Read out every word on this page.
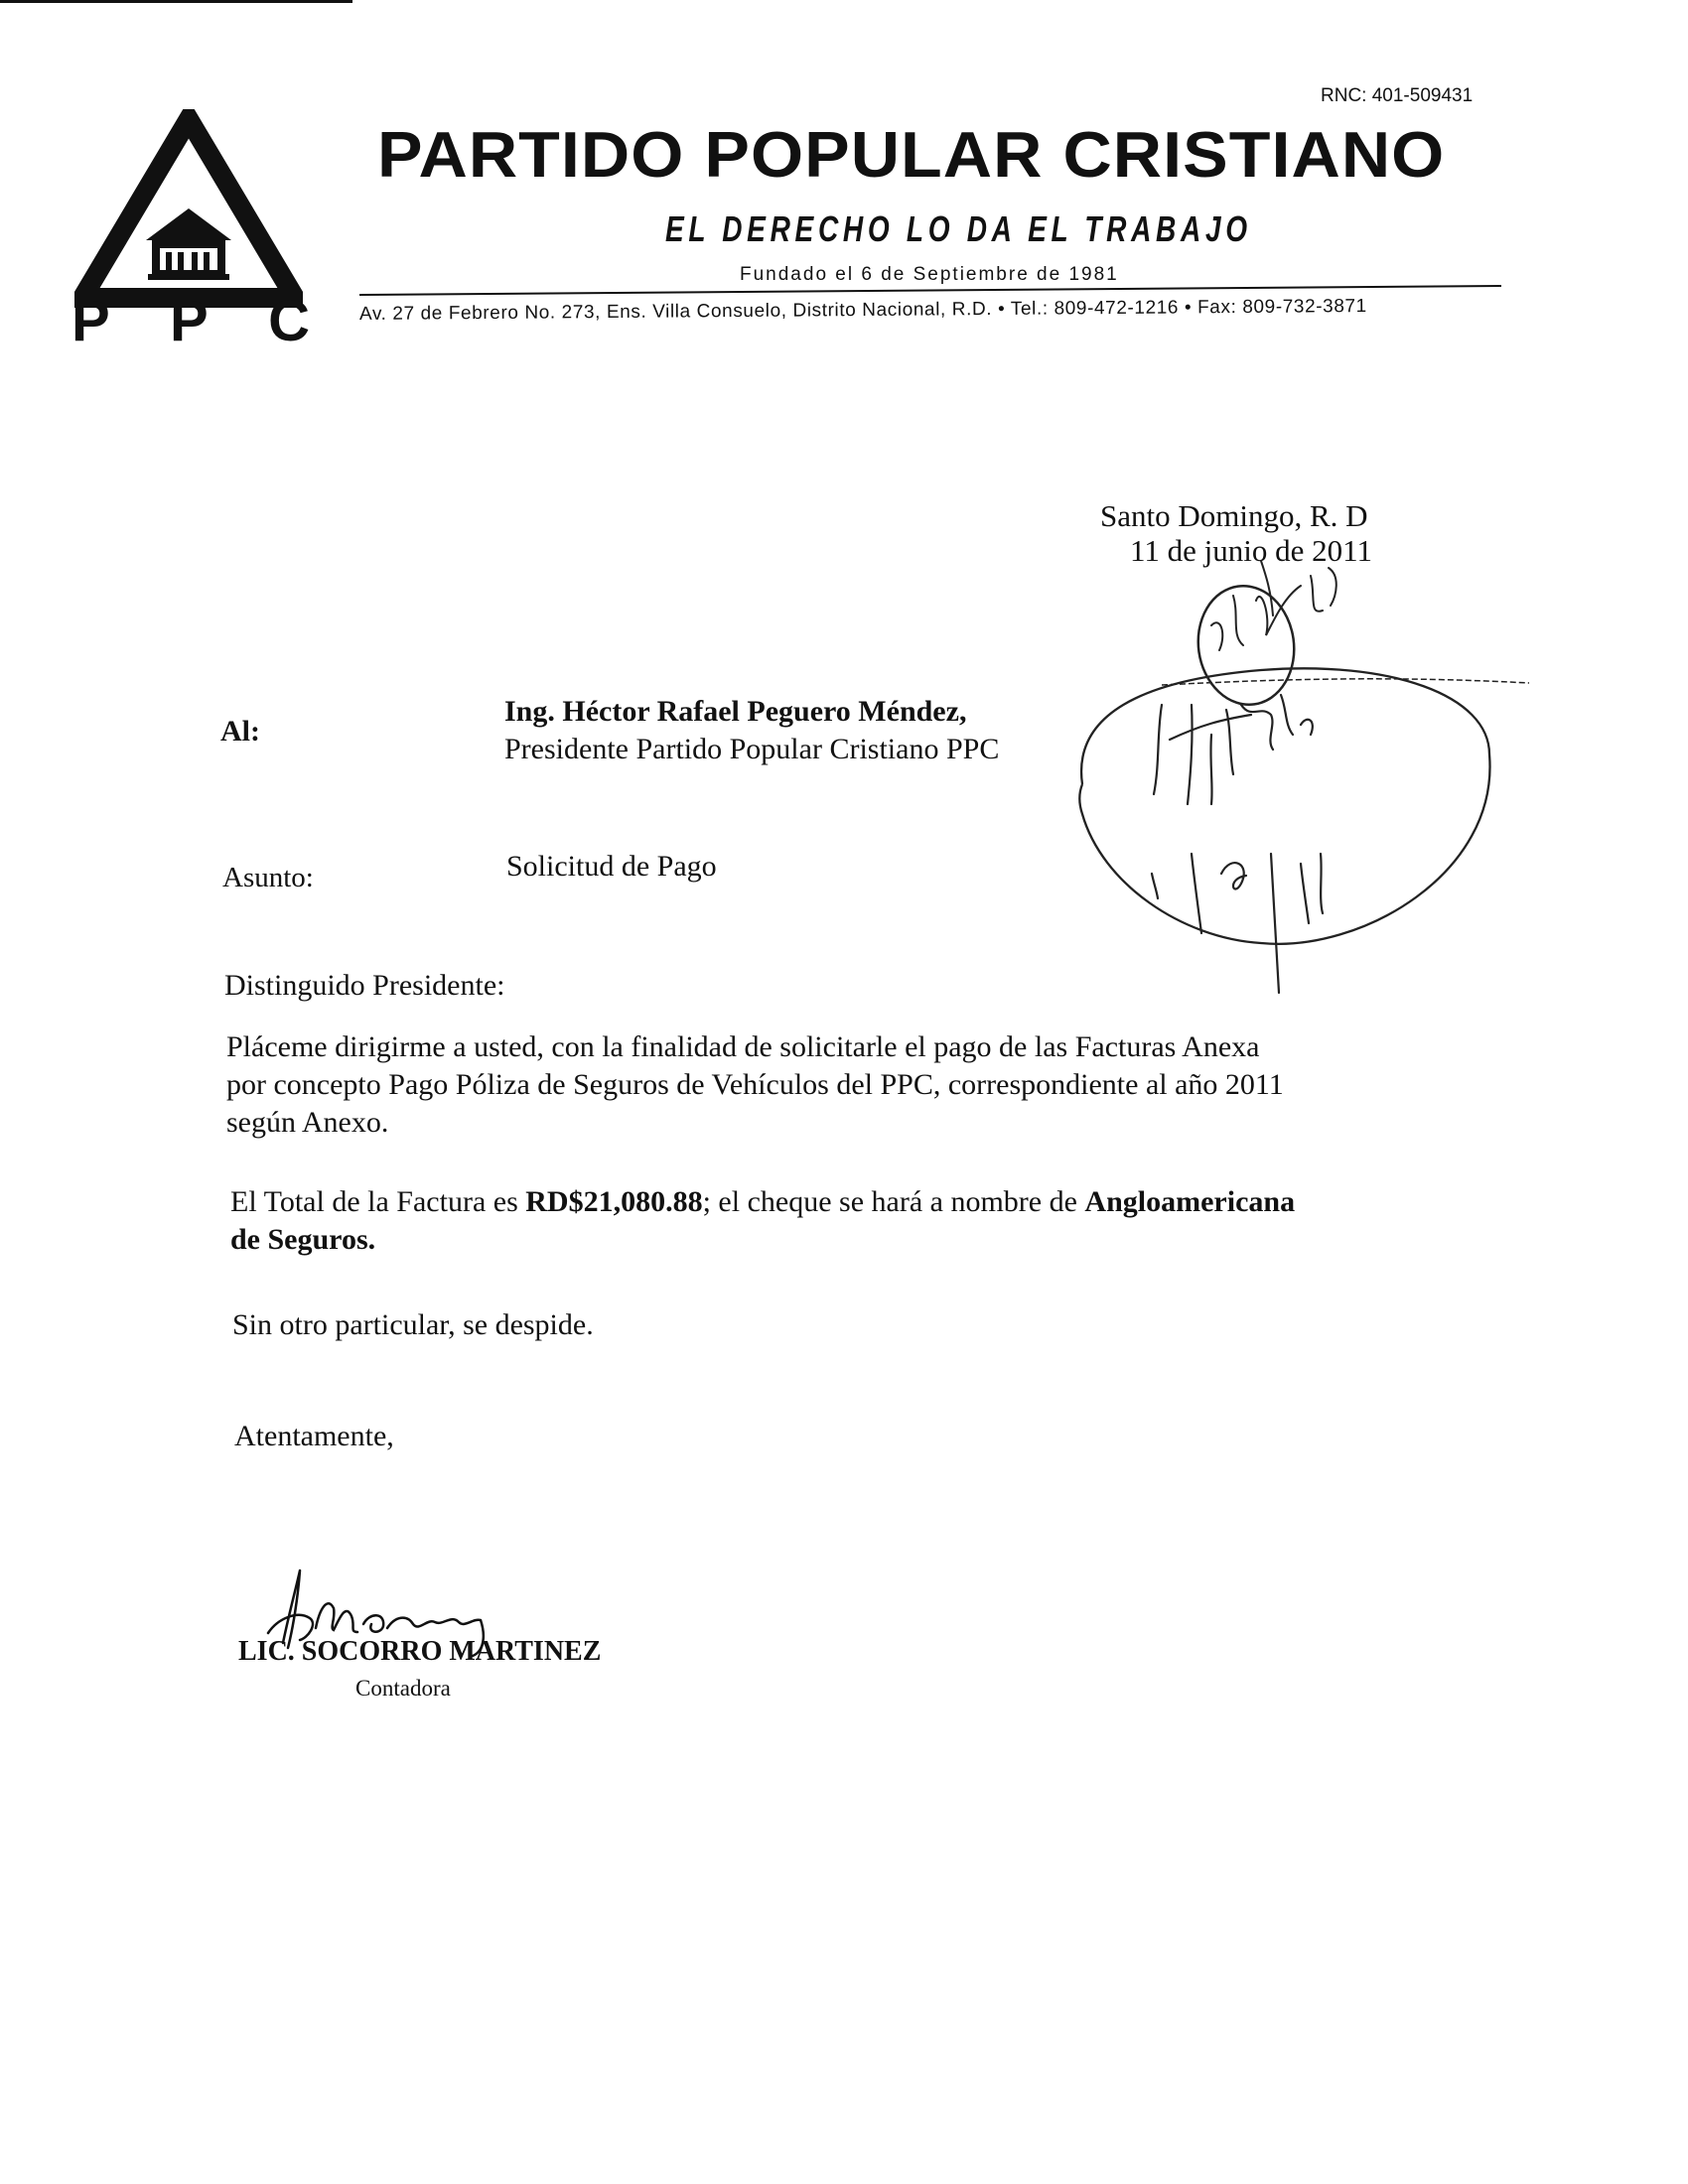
P P C
RNC: 401-509431
PARTIDO POPULAR CRISTIANO
EL DERECHO LO DA EL TRABAJO
Fundado el 6 de Septiembre de 1981
Av. 27 de Febrero No. 273, Ens. Villa Consuelo, Distrito Nacional, R.D. • Tel.: 809-472-1216 • Fax: 809-732-3871
Santo Domingo, R. D
11 de junio de 2011
Al:
Ing. Héctor Rafael Peguero Méndez,
Presidente Partido Popular Cristiano PPC
Asunto:	Solicitud de Pago
Distinguido Presidente:
Pláceme dirigirme a usted, con la finalidad de solicitarle el pago de las Facturas Anexa
por concepto Pago Póliza de Seguros de Vehículos del PPC, correspondiente al año 2011
según Anexo.
El Total de la Factura es RD$21,080.88; el cheque se hará a nombre de Angloamericana
de Seguros.
Sin otro particular, se despide.
Atentamente,
LIC. SOCORRO MARTINEZ
Contadora
